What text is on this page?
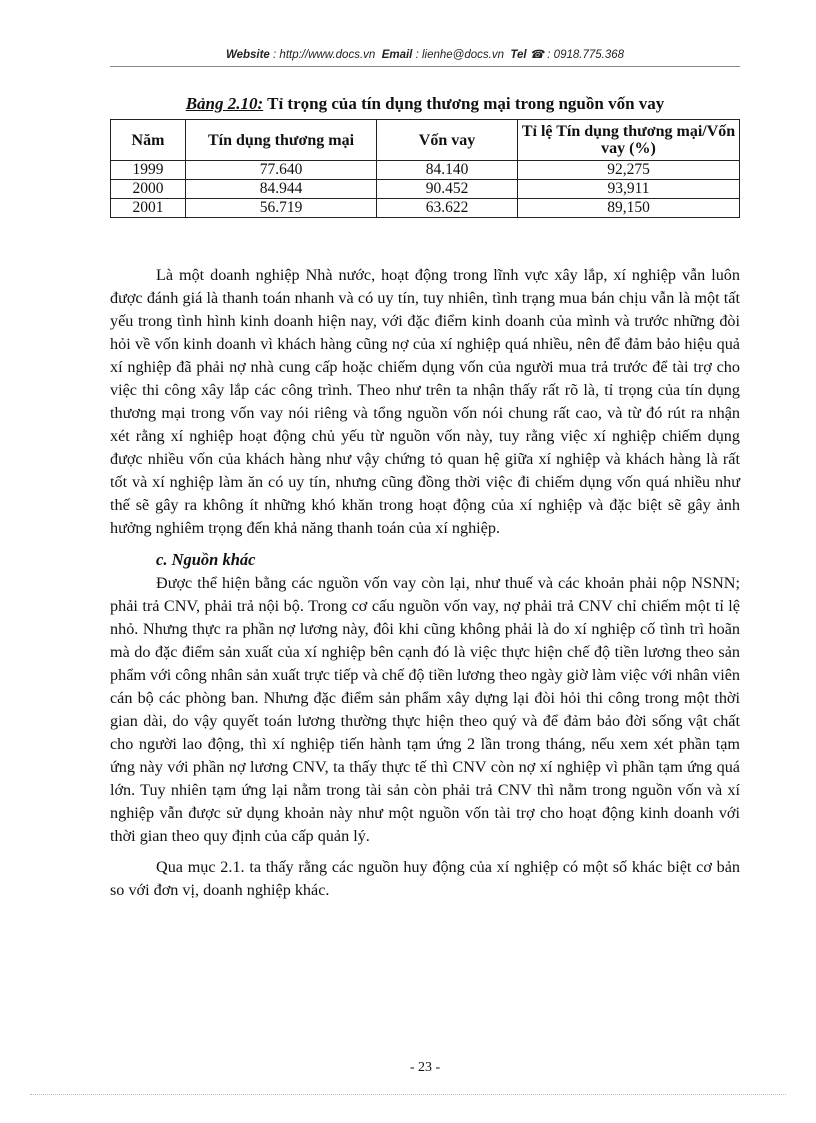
Website : http://www.docs.vn Email : lienhe@docs.vn Tel ☎ : 0918.775.368
Bảng 2.10: Tỉ trọng của tín dụng thương mại trong nguồn vốn vay
Năm	Tín dụng thương mại	Vốn vay	Tỉ lệ Tín dụng thương mại/Vốn vay (%)
1999	77.640	84.140	92,275
2000	84.944	90.452	93,911
2001	56.719	63.622	89,150

Là một doanh nghiệp Nhà nước, hoạt động trong lĩnh vực xây lắp, xí nghiệp vẫn luôn được đánh giá là thanh toán nhanh và có uy tín, tuy nhiên, tình trạng mua bán chịu vẫn là một tất yếu trong tình hình kinh doanh hiện nay, với đặc điểm kinh doanh của mình và trước những đòi hỏi về vốn kinh doanh vì khách hàng cũng nợ của xí nghiệp quá nhiều, nên để đảm bảo hiệu quả xí nghiệp đã phải nợ nhà cung cấp hoặc chiếm dụng vốn của người mua trả trước để tài trợ cho việc thi công xây lắp các công trình. Theo như trên ta nhận thấy rất rõ là, tỉ trọng của tín dụng thương mại trong vốn vay nói riêng và tổng nguồn vốn nói chung rất cao, và từ đó rút ra nhận xét rằng xí nghiệp hoạt động chủ yếu từ nguồn vốn này, tuy rằng việc xí nghiệp chiếm dụng được nhiều vốn của khách hàng như vậy chứng tỏ quan hệ giữa xí nghiệp và khách hàng là rất tốt và xí nghiệp làm ăn có uy tín, nhưng cũng đồng thời việc đi chiếm dụng vốn quá nhiều như thế sẽ gây ra không ít những khó khăn trong hoạt động của xí nghiệp và đặc biệt sẽ gây ảnh hưởng nghiêm trọng đến khả năng thanh toán của xí nghiệp.

c. Nguồn khác

Được thể hiện bằng các nguồn vốn vay còn lại, như thuế và các khoản phải nộp NSNN; phải trả CNV, phải trả nội bộ. Trong cơ cấu nguồn vốn vay, nợ phải trả CNV chỉ chiếm một tỉ lệ nhỏ. Nhưng thực ra phần nợ lương này, đôi khi cũng không phải là do xí nghiệp cố tình trì hoãn mà do đặc điểm sản xuất của xí nghiệp bên cạnh đó là việc thực hiện chế độ tiền lương theo sản phẩm với công nhân sản xuất trực tiếp và chế độ tiền lương theo ngày giờ làm việc với nhân viên cán bộ các phòng ban. Nhưng đặc điểm sản phẩm xây dựng lại đòi hỏi thi công trong một thời gian dài, do vậy quyết toán lương thường thực hiện theo quý và để đảm bảo đời sống vật chất cho người lao động, thì xí nghiệp tiến hành tạm ứng 2 lần trong tháng, nếu xem xét phần tạm ứng này với phần nợ lương CNV, ta thấy thực tế thì CNV còn nợ xí nghiệp vì phần tạm ứng quá lớn. Tuy nhiên tạm ứng lại nằm trong tài sản còn phải trả CNV thì nằm trong nguồn vốn và xí nghiệp vẫn được sử dụng khoản này như một nguồn vốn tài trợ cho hoạt động kinh doanh với thời gian theo quy định của cấp quản lý.

Qua mục 2.1. ta thấy rằng các nguồn huy động của xí nghiệp có một số khác biệt cơ bản so với đơn vị, doanh nghiệp khác.

- 23 -
